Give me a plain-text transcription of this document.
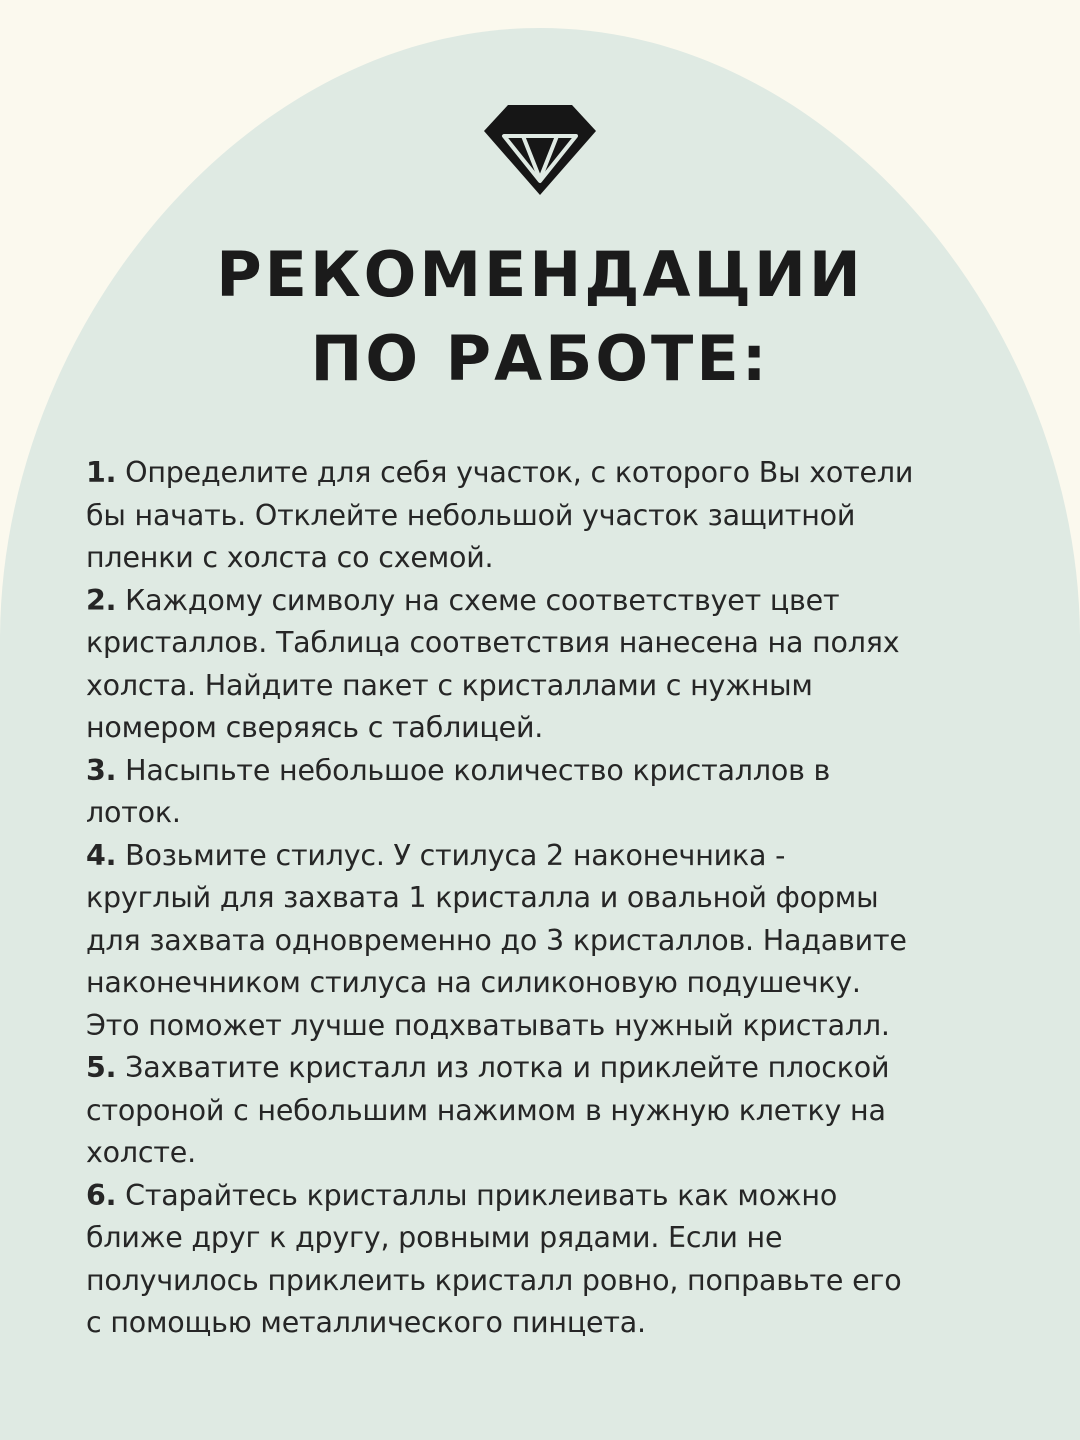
РЕКОМЕНДАЦИИ
ПО РАБОТЕ:
1. Определите для себя участок, с которого Вы хотели
бы начать. Отклейте небольшой участок защитной
пленки с холста со схемой.
2. Каждому символу на схеме соответствует цвет
кристаллов. Таблица соответствия нанесена на полях
холста. Найдите пакет с кристаллами с нужным
номером сверяясь с таблицей.
3. Насыпьте небольшое количество кристаллов в
лоток.
4. Возьмите стилус. У стилуса 2 наконечника -
круглый для захвата 1 кристалла и овальной формы
для захвата одновременно до 3 кристаллов. Надавите
наконечником стилуса на силиконовую подушечку.
Это поможет лучше подхватывать нужный кристалл.
5. Захватите кристалл из лотка и приклейте плоской
стороной с небольшим нажимом в нужную клетку на
холсте.
6. Старайтесь кристаллы приклеивать как можно
ближе друг к другу, ровными рядами. Если не
получилось приклеить кристалл ровно, поправьте его
с помощью металлического пинцета.
